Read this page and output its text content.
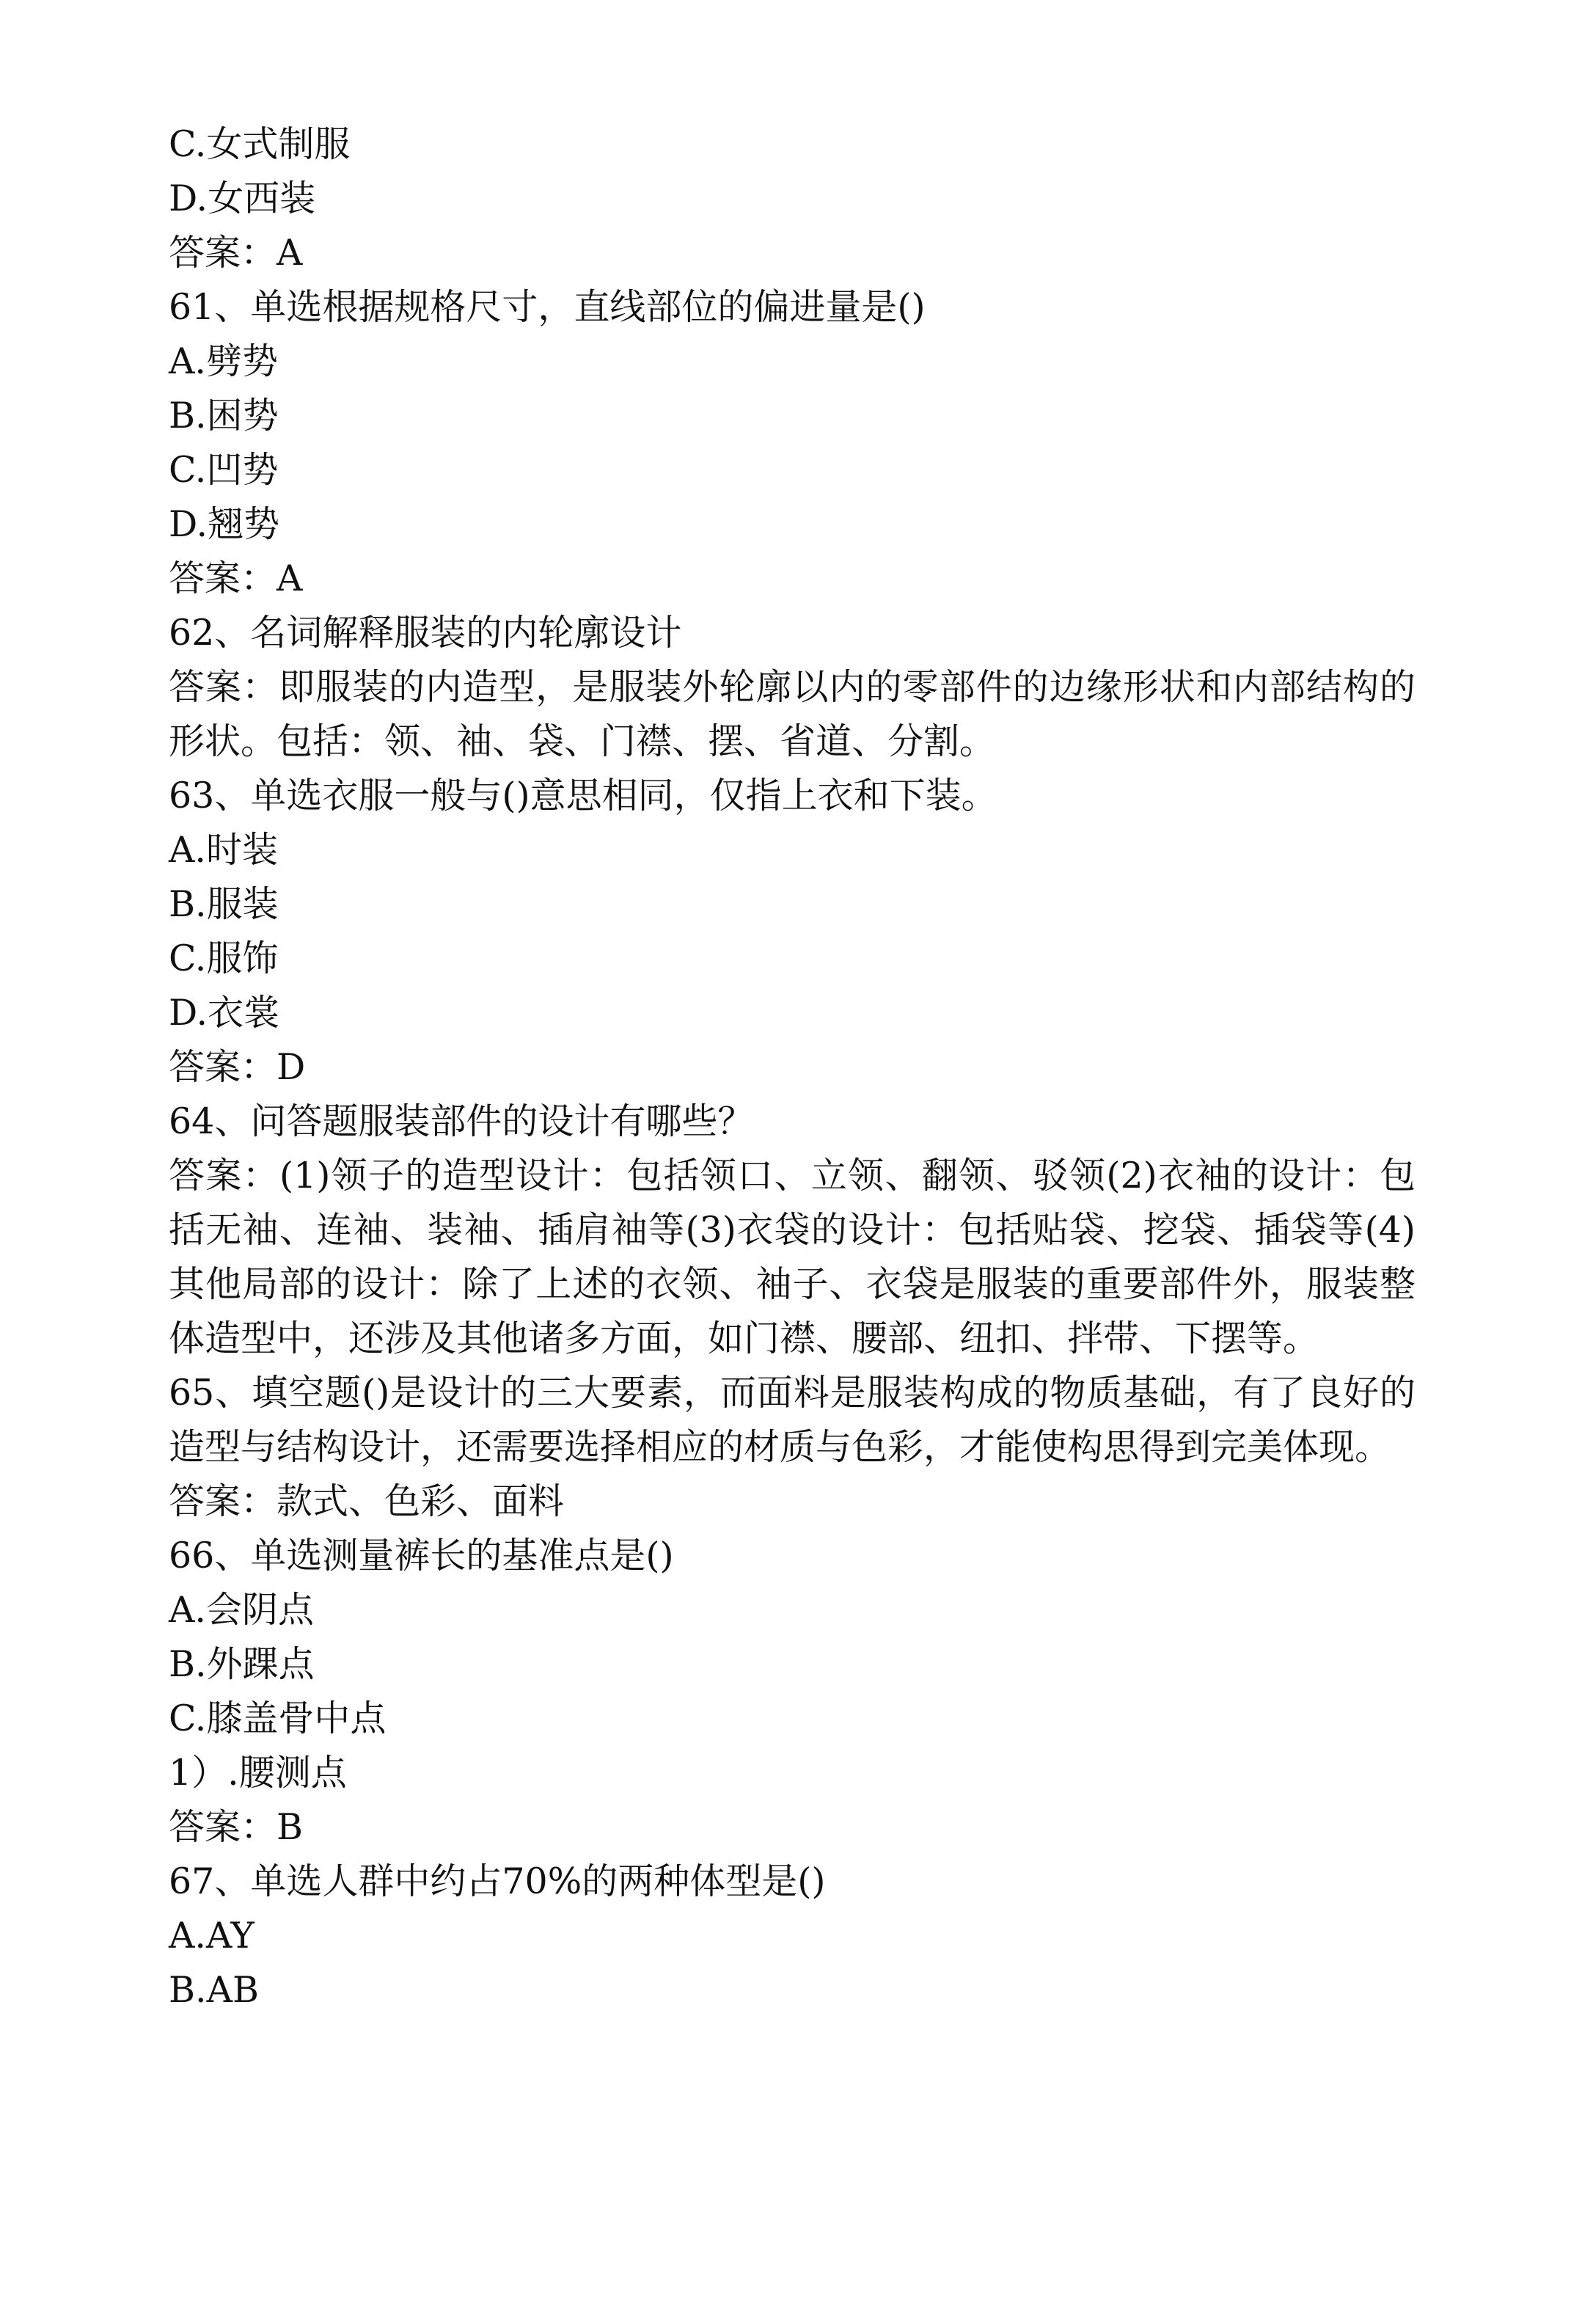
C.女式制服

D.女西装

答案：A

61、单选根据规格尺寸，直线部位的偏进量是()

A.劈势

B.困势

C.凹势

D.翘势

答案：A

62、名词解释服装的内轮廓设计

答案：即服装的内造型，是服装外轮廓以内的零部件的边缘形状和内部结构的形状。包括：领、袖、袋、门襟、摆、省道、分割。

63、单选衣服一般与()意思相同，仅指上衣和下装。

A.时装

B.服装

C.服饰

D.衣裳

答案：D

64、问答题服装部件的设计有哪些？

答案：(1)领子的造型设计：包括领口、立领、翻领、驳领(2)衣袖的设计：包括无袖、连袖、装袖、插肩袖等(3)衣袋的设计：包括贴袋、挖袋、插袋等(4)其他局部的设计：除了上述的衣领、袖子、衣袋是服装的重要部件外，服装整体造型中，还涉及其他诸多方面，如门襟、腰部、纽扣、拌带、下摆等。

65、填空题()是设计的三大要素，而面料是服装构成的物质基础，有了良好的造型与结构设计，还需要选择相应的材质与色彩，才能使构思得到完美体现。

答案：款式、色彩、面料

66、单选测量裤长的基准点是()

A.会阴点

B.外踝点

C.膝盖骨中点

1）.腰测点

答案：B

67、单选人群中约占70%的两种体型是()

A.AY

B.AB
